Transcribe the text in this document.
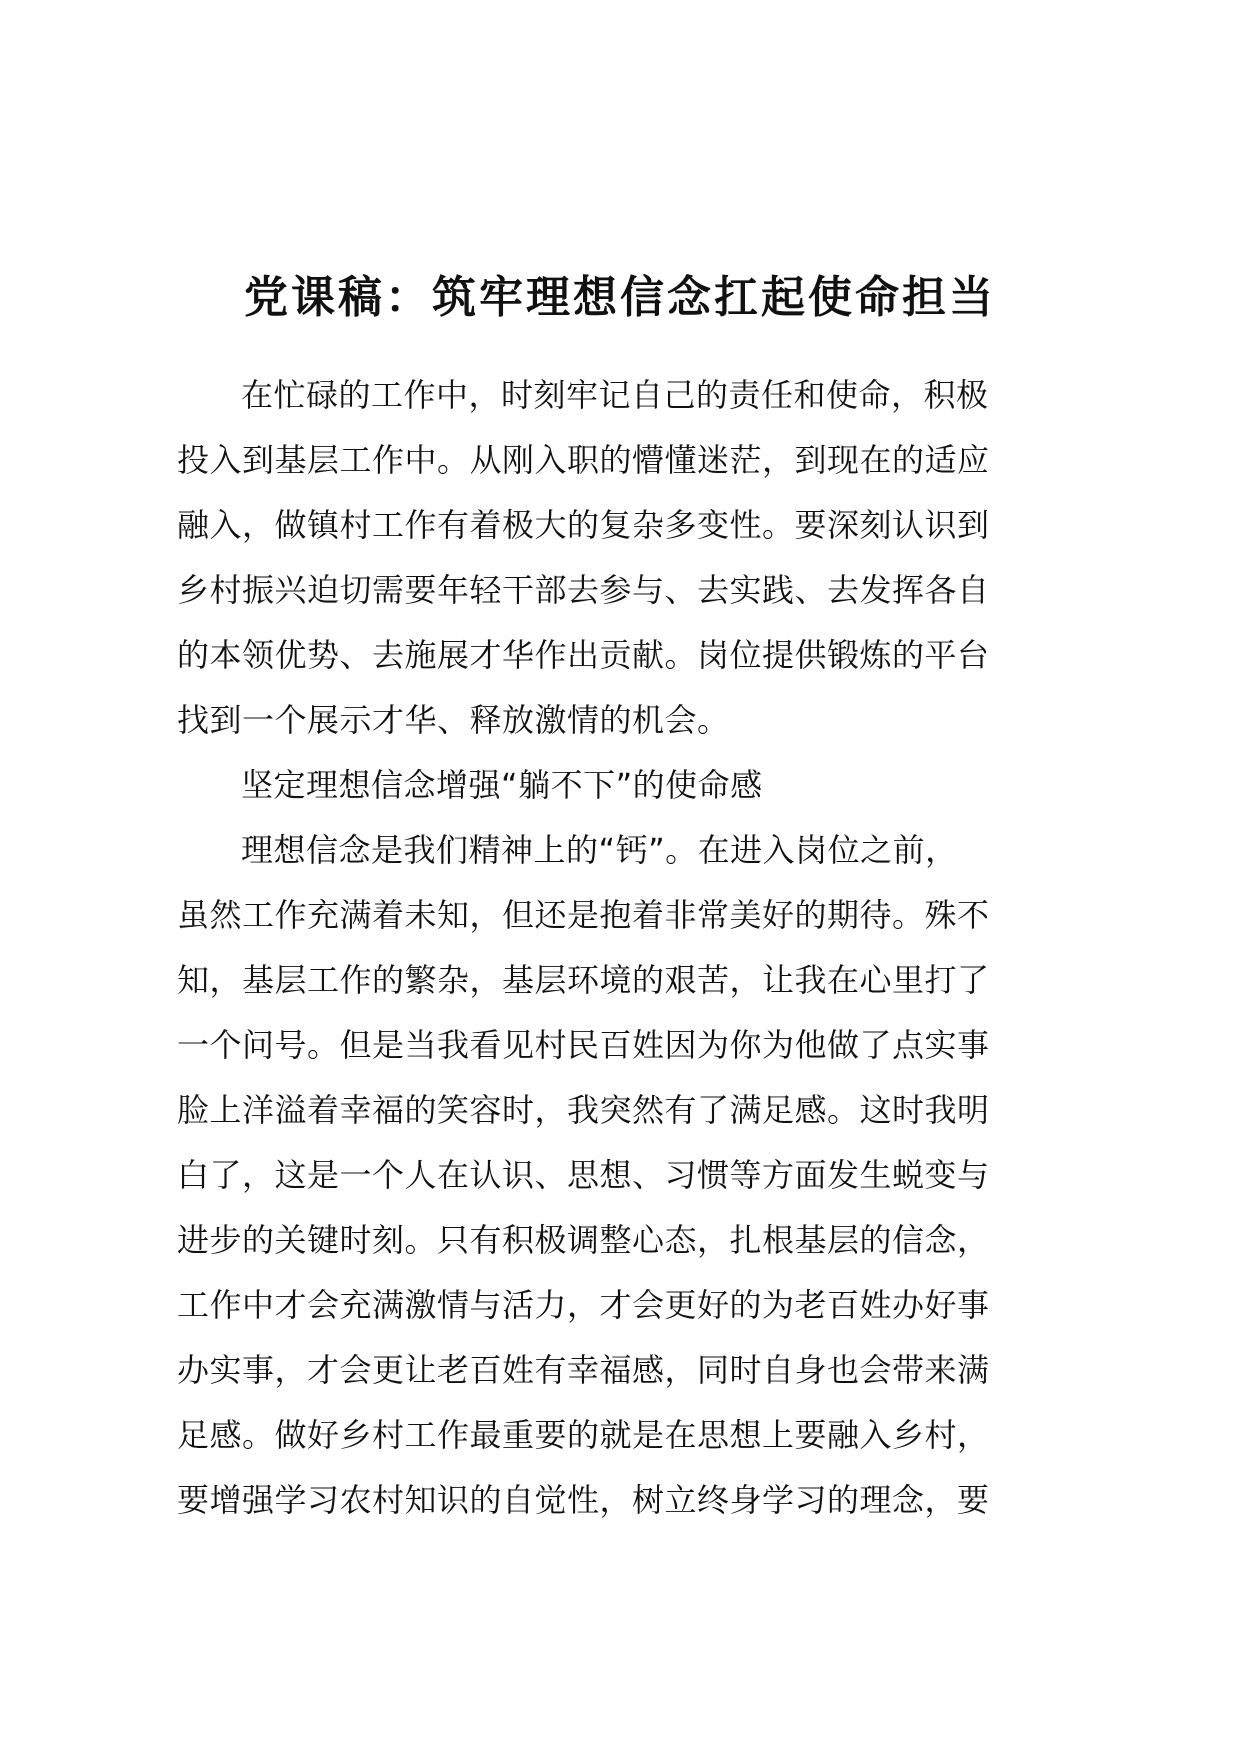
党课稿：筑牢理想信念扛起使命担当
在忙碌的工作中，时刻牢记自己的责任和使命，积极
投入到基层工作中。从刚入职的懵懂迷茫，到现在的适应
融入，做镇村工作有着极大的复杂多变性。要深刻认识到
乡村振兴迫切需要年轻干部去参与、去实践、去发挥各自
的本领优势、去施展才华作出贡献。岗位提供锻炼的平台
找到一个展示才华、释放激情的机会。
坚定理想信念增强“躺不下”的使命感
理想信念是我们精神上的“钙”。在进入岗位之前，
虽然工作充满着未知，但还是抱着非常美好的期待。殊不
知，基层工作的繁杂，基层环境的艰苦，让我在心里打了
一个问号。但是当我看见村民百姓因为你为他做了点实事
脸上洋溢着幸福的笑容时，我突然有了满足感。这时我明
白了，这是一个人在认识、思想、习惯等方面发生蜕变与
进步的关键时刻。只有积极调整心态，扎根基层的信念，
工作中才会充满激情与活力，才会更好的为老百姓办好事
办实事，才会更让老百姓有幸福感，同时自身也会带来满
足感。做好乡村工作最重要的就是在思想上要融入乡村，
要增强学习农村知识的自觉性，树立终身学习的理念，要
